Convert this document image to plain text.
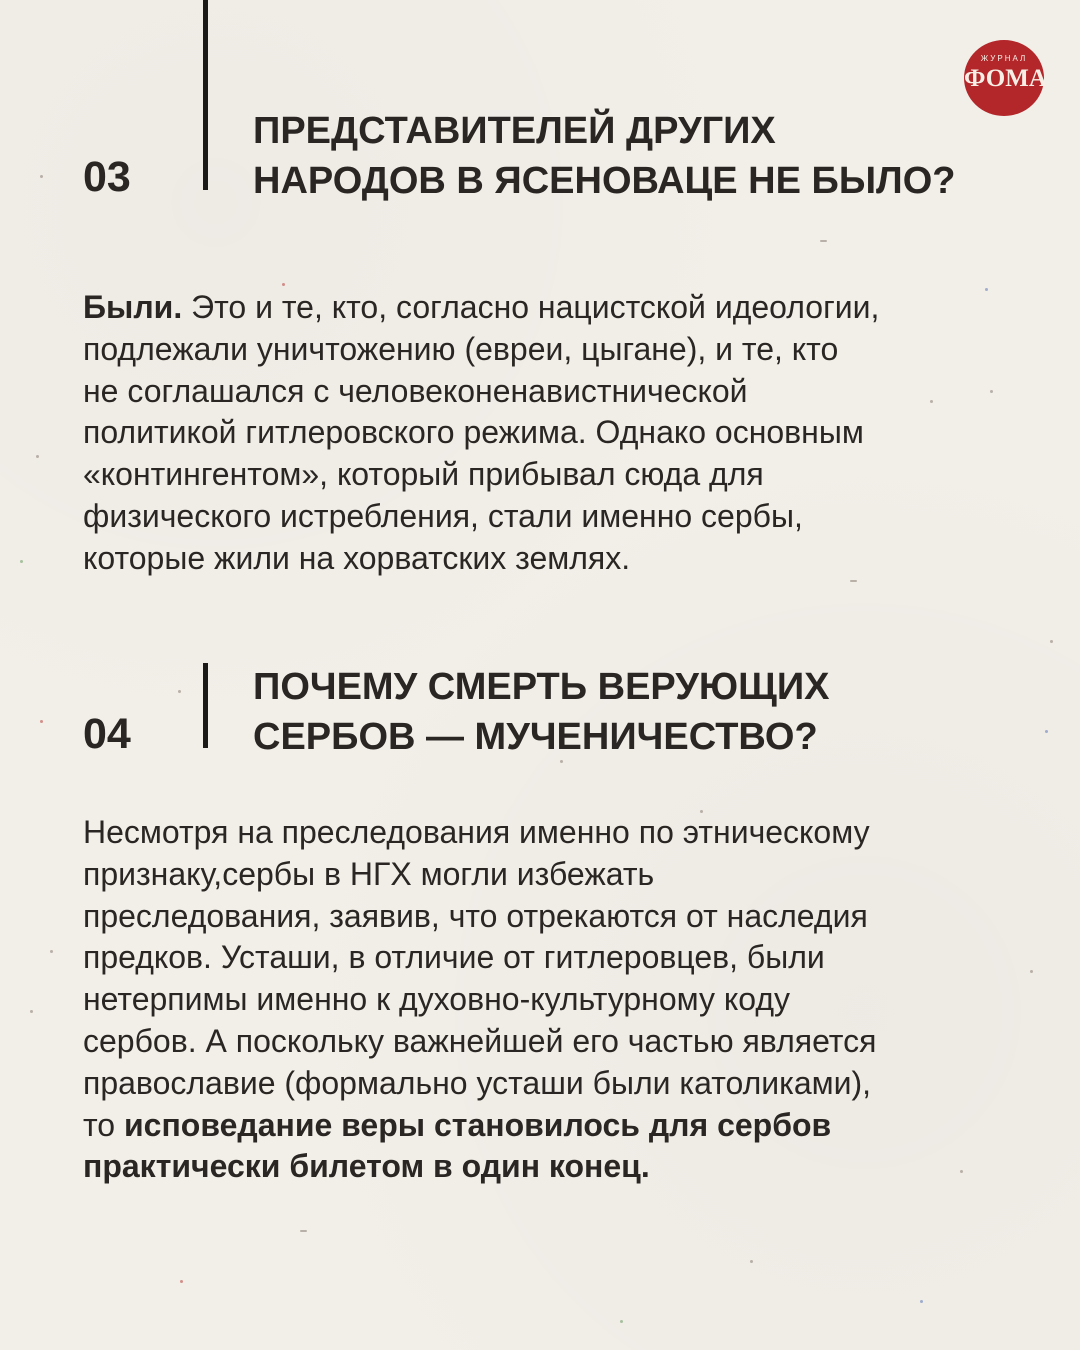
ЖУРНАЛ
ФОМА
03
ПРЕДСТАВИТЕЛЕЙ ДРУГИХ
НАРОДОВ В ЯСЕНОВАЦЕ НЕ БЫЛО?
Были. Это и те, кто, согласно нацистской идеологии,
подлежали уничтожению (евреи, цыгане), и те, кто
не соглашался с человеконенавистнической
политикой гитлеровского режима. Однако основным
«контингентом», который прибывал сюда для
физического истребления, стали именно сербы,
которые жили на хорватских землях.
04
ПОЧЕМУ СМЕРТЬ ВЕРУЮЩИХ
СЕРБОВ — МУЧЕНИЧЕСТВО?
Несмотря на преследования именно по этническому
признаку,сербы в НГХ могли избежать
преследования, заявив, что отрекаются от наследия
предков. Усташи, в отличие от гитлеровцев, были
нетерпимы именно к духовно-культурному коду
сербов. А поскольку важнейшей его частью является
православие (формально усташи были католиками),
то исповедание веры становилось для сербов
практически билетом в один конец.
